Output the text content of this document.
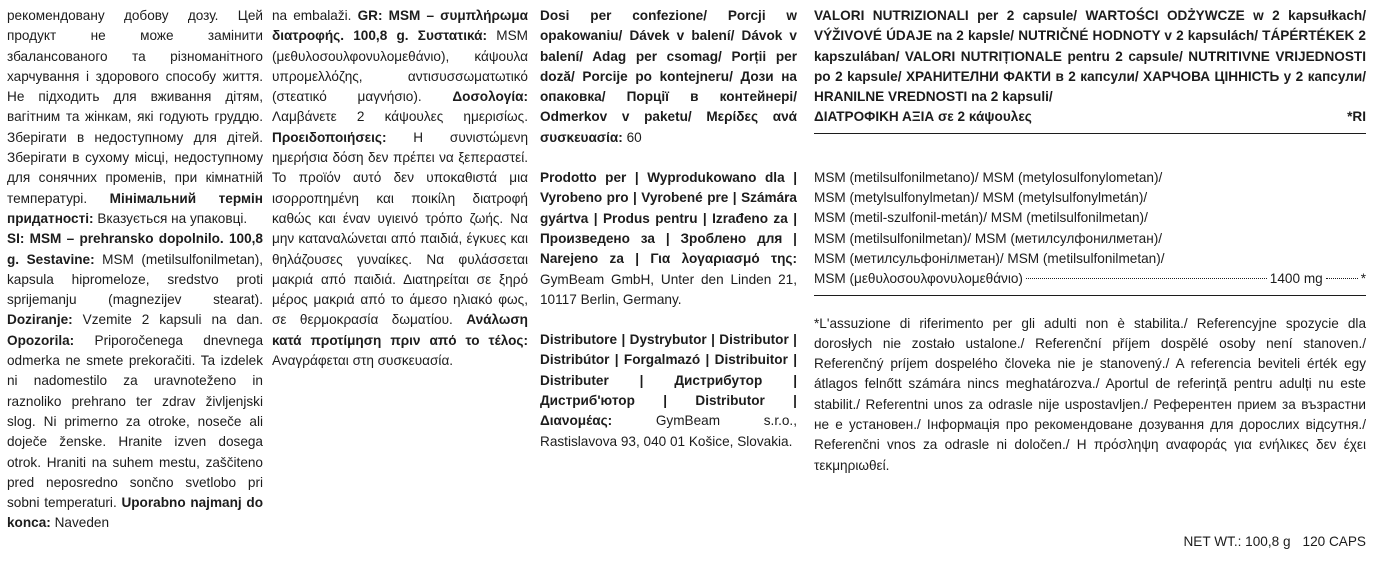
рекомендовану добову дозу. Цей продукт не може замінити збалансованого та різноманітного харчування і здорового способу життя. Не підходить для вживання дітям, вагітним та жінкам, які годують груддю. Зберігати в недоступному для дітей. Зберігати в сухому місці, недоступному для сонячних променів, при кімнатній температурі. Мінімальний термін придатності: Вказується на упаковці.

SI: MSM – prehransko dopolnilo. 100,8 g. Sestavine: MSM (metilsulfonilmetan), kapsula hipromeloze, sredstvo proti sprijemanju (magnezijev stearat). Doziranje: Vzemite 2 kapsuli na dan. Opozorila: Priporočenega dnevnega odmerka ne smete prekoračiti. Ta izdelek ni nadomestilo za uravnoteženo in raznoliko prehrano ter zdrav življenjski slog. Ni primerno za otroke, noseče ali doječe ženske. Hranite izven dosega otrok. Hraniti na suhem mestu, zaščiteno pred neposredno sončno svetlobo pri sobni temperaturi. Uporabno najmanj do konca: Naveden

na embalaži. GR: MSM – συμπλήρωμα διατροφής. 100,8 g. Συστατικά: MSM (μεθυλοσουλφονυλομεθάνιο), κάψουλα υπρομελλόζης, αντισυσσωματωτικό (στεατικό μαγνήσιο). Δοσολογία: Λαμβάνετε 2 κάψουλες ημερισίως. Προειδοποιήσεις: Η συνιστώμενη ημερήσια δόση δεν πρέπει να ξεπεραστεί. Το προϊόν αυτό δεν υποκαθιστά μια ισορροπημένη και ποικίλη διατροφή καθώς και έναν υγιεινό τρόπο ζωής. Να μην καταναλώνεται από παιδιά, έγκυες και θηλάζουσες γυναίκες. Να φυλάσσεται μακριά από παιδιά. Διατηρείται σε ξηρό μέρος μακριά από το άμεσο ηλιακό φως, σε θερμοκρασία δωματίου. Ανάλωση κατά προτίμηση πριν από το τέλος: Αναγράφεται στη συσκευασία.

Dosi per confezione/ Porcji w opakowaniu/ Dávek v balení/ Dávok v balení/ Adag per csomag/ Porții per doză/ Porcije po kontejneru/ Дози на опаковка/ Порції в контейнері/ Odmerkov v paketu/ Μερίδες ανά συσκευασία: 60

Prodotto per | Wyprodukowano dla | Vyrobeno pro | Vyrobené pre | Számára gyártva | Produs pentru | Izrađeno za | Произведено за | Зроблено для | Narejeno za | Για λογαριασμό της: GymBeam GmbH, Unter den Linden 21, 10117 Berlin, Germany.

Distributore | Dystrybutor | Distributor | Distribútor | Forgalmazó | Distribuitor | Distributer | Дистрибутор | Дистриб'ютор | Distributor | Διανομέας:	GymBeam s.r.o., Rastislavova 93, 040 01 Košice, Slovakia.

VALORI NUTRIZIONALI per 2 capsule/ WARTOŚCI ODŻYWCZE w 2 kapsułkach/ VÝŽIVOVÉ ÚDAJE na 2 kapsle/ NUTRIČNÉ HODNOTY v 2 kapsulách/ TÁPÉRTÉKEK 2 kapszulában/ VALORI NUTRIȚIONALE pentru 2 capsule/ NUTRITIVNE VRIJEDNOSTI po 2 kapsule/ ХРАНИТЕЛНИ ФАКТИ в 2 капсули/ ХАРЧОВА ЦІННІСТЬ у 2 капсули/ HRANILNE VREDNOSTI na 2 kapsuli/

ΔΙΑΤΡΟΦΙΚΗ ΑΞΙΑ σε 2 κάψουλες	*RI

MSM (metilsulfonilmetano)/ MSM (metylosulfonylometan)/

MSM (metylsulfonylmetan)/ MSM (metylsulfonylmetán)/

MSM (metil-szulfonil-metán)/ MSM (metilsulfonilmetan)/

MSM (metilsulfonilmetan)/ MSM (метилсулфонилметан)/

MSM (метилсульфонілметан)/ MSM (metilsulfonilmetan)/

MSM (μεθυλοσουλφονυλομεθάνιο)	1400 mg	*

*L'assuzione di riferimento per gli adulti non è stabilita./ Referencyjne spozycie dla dorosłych nie zostało ustalone./ Referenční příjem dospělé osoby není stanoven./ Referenčný príjem dospelého človeka nie je stanovený./ A referencia beviteli érték egy átlagos felnőtt számára nincs meghatározva./ Aportul de referință pentru adulți nu este stabilit./ Referentni unos za odrasle nije uspostavljen./ Референтен прием за възрастни не е установен./ Інформація про рекомендоване дозування для дорослих відсутня./ Referenčni vnos za odrasle ni določen./ Η πρόσληψη αναφοράς για ενήλικες δεν έχει τεκμηριωθεί.

NET WT.: 100,8 g 120 CAPS
